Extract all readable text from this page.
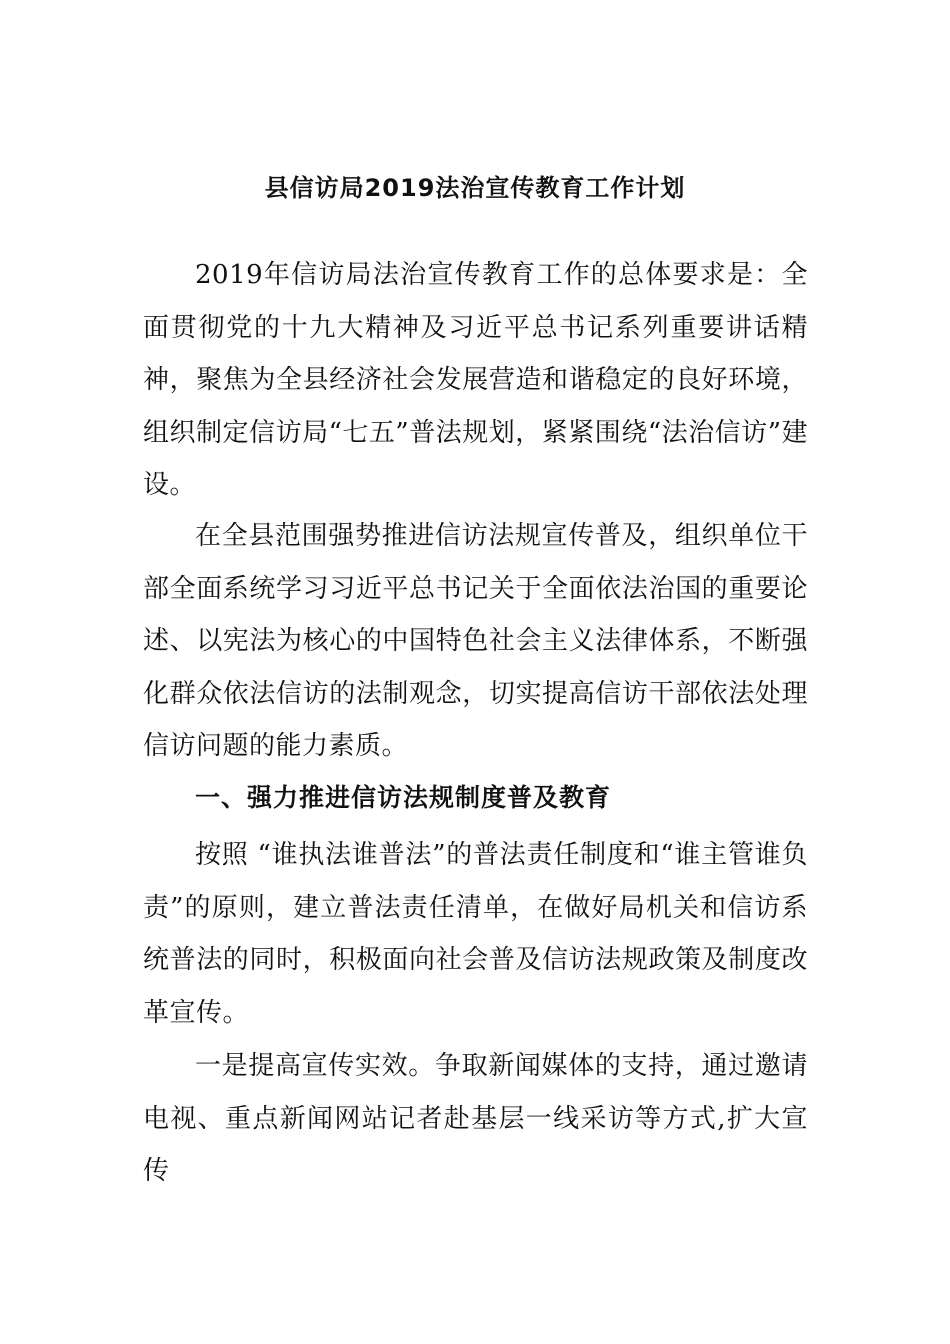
县信访局2019法治宣传教育工作计划

2019年信访局法治宣传教育工作的总体要求是：全面贯彻党的十九大精神及习近平总书记系列重要讲话精神，聚焦为全县经济社会发展营造和谐稳定的良好环境，组织制定信访局“七五”普法规划，紧紧围绕“法治信访”建设。

在全县范围强势推进信访法规宣传普及，组织单位干部全面系统学习习近平总书记关于全面依法治国的重要论述、以宪法为核心的中国特色社会主义法律体系，不断强化群众依法信访的法制观念，切实提高信访干部依法处理信访问题的能力素质。

一、强力推进信访法规制度普及教育

按照 “谁执法谁普法”的普法责任制度和“谁主管谁负责”的原则，建立普法责任清单，在做好局机关和信访系统普法的同时，积极面向社会普及信访法规政策及制度改革宣传。

一是提高宣传实效。争取新闻媒体的支持，通过邀请电视、重点新闻网站记者赴基层一线采访等方式,扩大宣传
